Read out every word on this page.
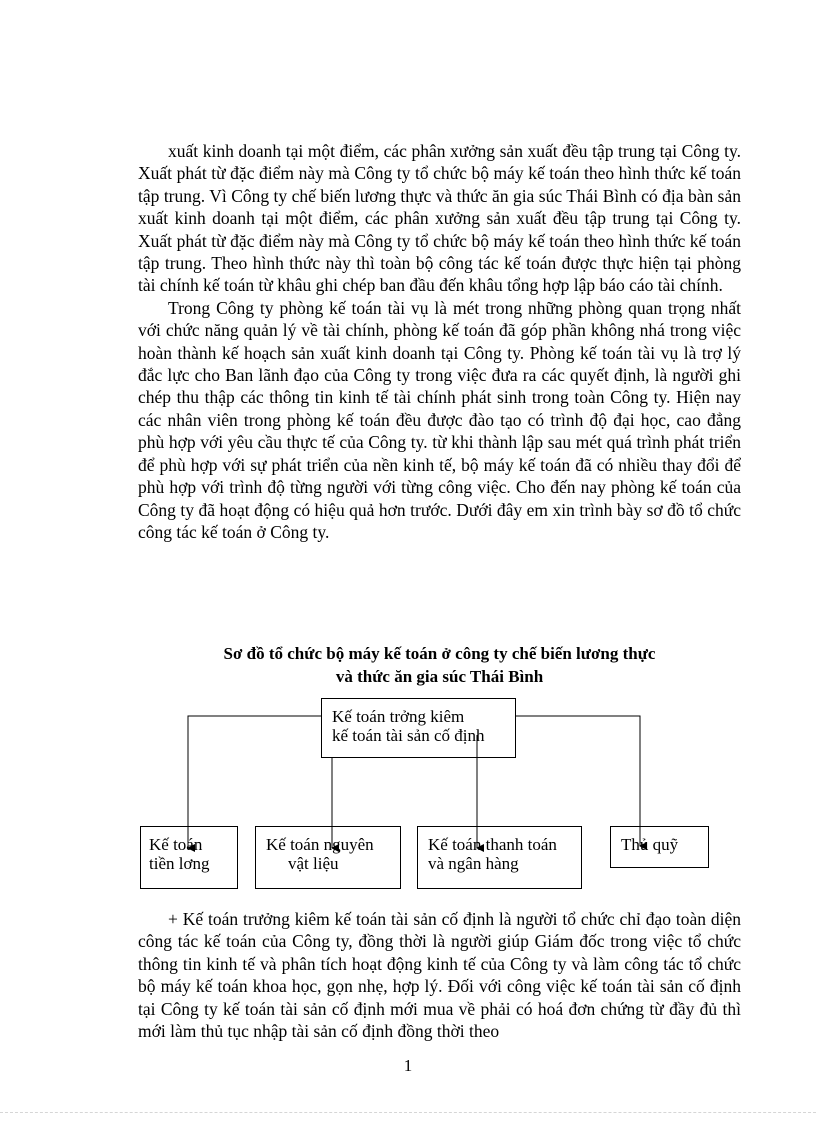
xuất kinh doanh tại một điểm, các phân xưởng sản xuất đều tập trung tại Công ty. Xuất phát từ đặc điểm này mà Công ty tổ chức bộ máy kế toán theo hình thức kế toán tập trung. Vì Công ty chế biến lương thực và thức ăn gia súc Thái Bình có địa bàn sản xuất kinh doanh tại một điểm, các phân xưởng sản xuất đều tập trung tại Công ty. Xuất phát từ đặc điểm này mà Công ty tổ chức bộ máy kế toán theo hình thức kế toán tập trung. Theo hình thức này thì toàn bộ công tác kế toán được thực hiện tại phòng tài chính kế toán từ khâu ghi chép ban đầu đến khâu tổng hợp lập báo cáo tài chính.

Trong Công ty phòng kế toán tài vụ là mét trong những phòng quan trọng nhất với chức năng quản lý về tài chính, phòng kế toán đã góp phần không nhá trong việc hoàn thành kế hoạch sản xuất kinh doanh tại Công ty. Phòng kế toán tài vụ là trợ lý đắc lực cho Ban lãnh đạo của Công ty trong việc đưa ra các quyết định, là người ghi chép thu thập các thông tin kinh tế tài chính phát sinh trong toàn Công ty. Hiện nay các nhân viên trong phòng kế toán đều được đào tạo có trình độ đại học, cao đẳng phù hợp với yêu cầu thực tế của Công ty. từ khi thành lập sau mét quá trình phát triển để phù hợp với sự phát triển của nền kinh tế, bộ máy kế toán đã có nhiều thay đổi để phù hợp với trình độ từng người với từng công việc. Cho đến nay phòng kế toán của Công ty đã hoạt động có hiệu quả hơn trước. Dưới đây em xin trình bày sơ đồ tổ chức công tác kế toán ở Công ty.

Sơ đồ tổ chức bộ máy kế toán ở công ty chế biến lương thực
và thức ăn gia súc Thái Bình
Kế toán trởng kiêm
kế toán tài sản cố định
Kế toán
tiền lơng
Kế toán nguyên
vật liệu
Kế toán thanh toán
và ngân hàng
Thủ quỹ

+ Kế toán trưởng kiêm kế toán tài sản cố định là người tổ chức chỉ đạo toàn diện công tác kế toán của Công ty, đồng thời là người giúp Giám đốc trong việc tổ chức thông tin kinh tế và phân tích hoạt động kinh tế của Công ty và làm công tác tổ chức bộ máy kế toán khoa học, gọn nhẹ, hợp lý. Đối với công việc kế toán tài sản cố định tại Công ty kế toán tài sản cố định mới mua về phải có hoá đơn chứng từ đầy đủ thì mới làm thủ tục nhập tài sản cố định đồng thời theo

1
